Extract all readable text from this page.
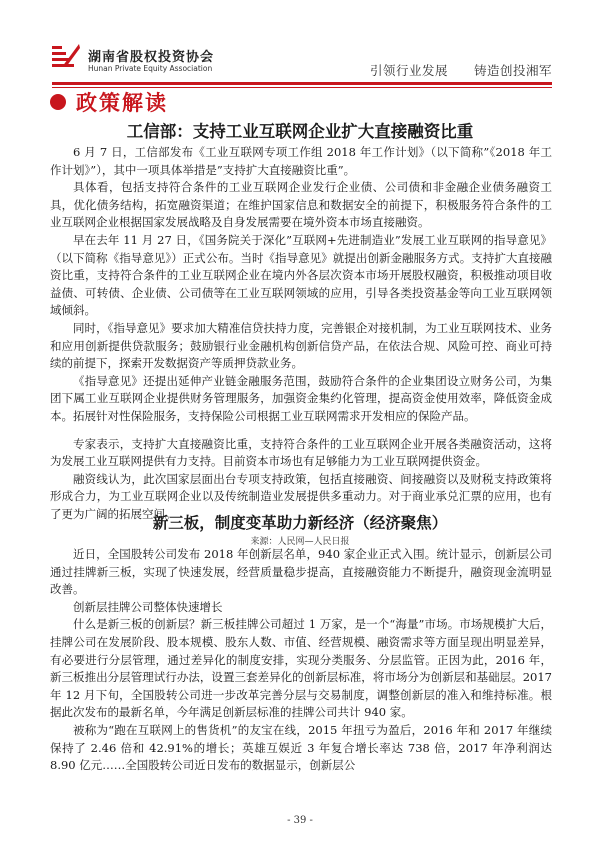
湖南省股权投资协会
Hunan Private Equity Association	引领行业发展　　铸造创投湘军
政策解读
工信部：支持工业互联网企业扩大直接融资比重

6 月 7 日，工信部发布《工业互联网专项工作组 2018 年工作计划》（以下简称”《2018 年工作计划》”），其中一项具体举措是”支持扩大直接融资比重”。

具体看，包括支持符合条件的工业互联网企业发行企业债、公司债和非金融企业债务融资工具，优化债务结构，拓宽融资渠道；在维护国家信息和数据安全的前提下，积极服务符合条件的工业互联网企业根据国家发展战略及自身发展需要在境外资本市场直接融资。

早在去年 11 月 27 日，《国务院关于深化”互联网+先进制造业”发展工业互联网的指导意见》（以下简称《指导意见》）正式公布。当时《指导意见》就提出创新金融服务方式。支持扩大直接融资比重，支持符合条件的工业互联网企业在境内外各层次资本市场开展股权融资，积极推动项目收益债、可转债、企业债、公司债等在工业互联网领域的应用，引导各类投资基金等向工业互联网领域倾斜。

同时，《指导意见》要求加大精准信贷扶持力度，完善银企对接机制，为工业互联网技术、业务和应用创新提供贷款服务；鼓励银行业金融机构创新信贷产品，在依法合规、风险可控、商业可持续的前提下，探索开发数据资产等质押贷款业务。

《指导意见》还提出延伸产业链金融服务范围，鼓励符合条件的企业集团设立财务公司，为集团下属工业互联网企业提供财务管理服务，加强资金集约化管理，提高资金使用效率，降低资金成本。拓展针对性保险服务，支持保险公司根据工业互联网需求开发相应的保险产品。

专家表示，支持扩大直接融资比重，支持符合条件的工业互联网企业开展各类融资活动，这将为发展工业互联网提供有力支持。目前资本市场也有足够能力为工业互联网提供资金。

融资线认为，此次国家层面出台专项支持政策，包括直接融资、间接融资以及财税支持政策将形成合力，为工业互联网企业以及传统制造业发展提供多重动力。对于商业承兑汇票的应用，也有了更为广阔的拓展空间。

新三板，制度变革助力新经济（经济聚焦）
来源：人民网—人民日报

近日，全国股转公司发布 2018 年创新层名单，940 家企业正式入围。统计显示，创新层公司通过挂牌新三板，实现了快速发展，经营质量稳步提高，直接融资能力不断提升，融资现金流明显改善。

创新层挂牌公司整体快速增长

什么是新三板的创新层？新三板挂牌公司超过 1 万家，是一个“海量”市场。市场规模扩大后，挂牌公司在发展阶段、股本规模、股东人数、市值、经营规模、融资需求等方面呈现出明显差异，有必要进行分层管理，通过差异化的制度安排，实现分类服务、分层监管。正因为此，2016 年，新三板推出分层管理试行办法，设置三套差异化的创新层标准，将市场分为创新层和基础层。2017 年 12 月下旬，全国股转公司进一步改革完善分层与交易制度，调整创新层的准入和维持标准。根据此次发布的最新名单，今年满足创新层标准的挂牌公司共计 940 家。

被称为“跑在互联网上的售货机”的友宝在线，2015 年扭亏为盈后，2016 年和 2017 年继续保持了 2.46 倍和 42.91%的增长；英雄互娱近 3 年复合增长率达 738 倍，2017 年净利润达 8.90 亿元……全国股转公司近日发布的数据显示，创新层公

- 39 -
